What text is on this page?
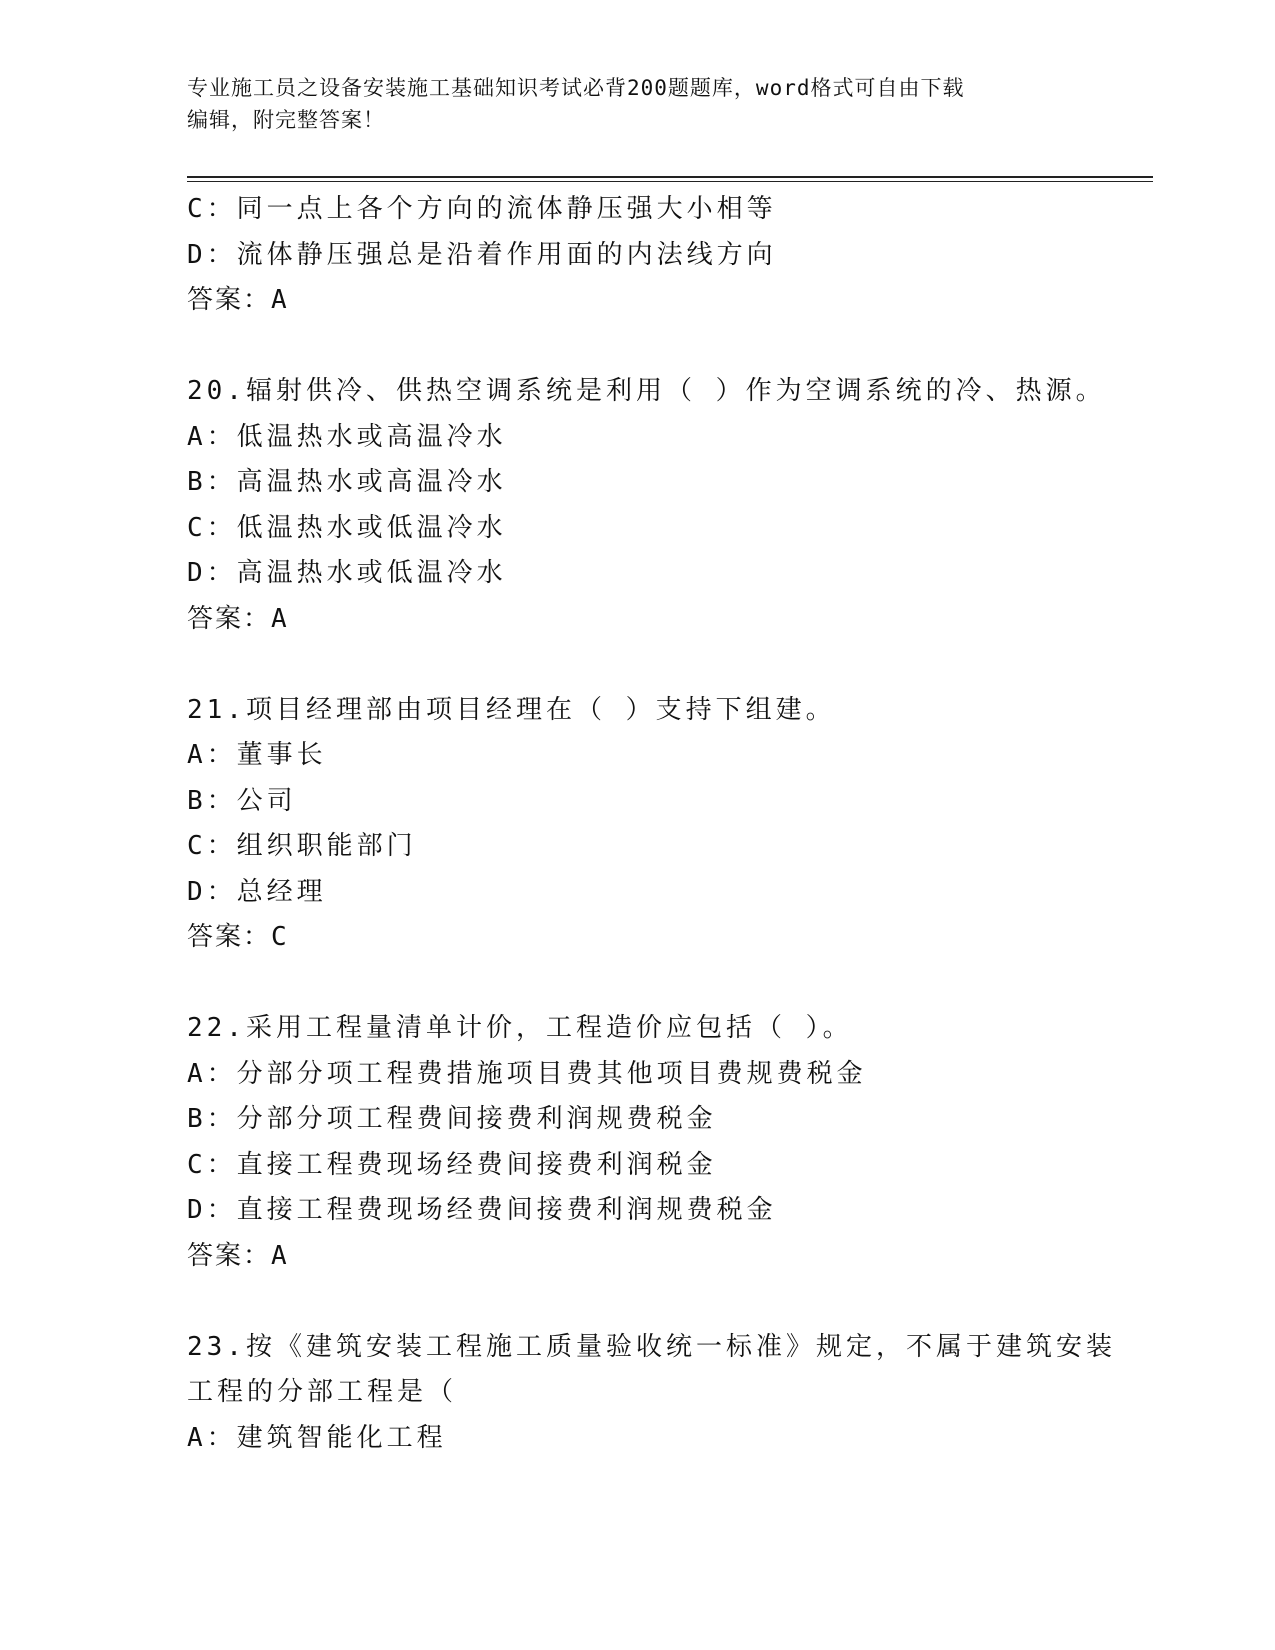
专业施工员之设备安装施工基础知识考试必背200题题库，word格式可自由下载
编辑，附完整答案！
C：同一点上各个方向的流体静压强大小相等
D：流体静压强总是沿着作用面的内法线方向
答案：A
20.辐射供冷、供热空调系统是利用（ ）作为空调系统的冷、热源。
A：低温热水或高温冷水
B：高温热水或高温冷水
C：低温热水或低温冷水
D：高温热水或低温冷水
答案：A
21.项目经理部由项目经理在（ ）支持下组建。
A：董事长
B：公司
C：组织职能部门
D：总经理
答案：C
22.采用工程量清单计价，工程造价应包括（ ）。
A：分部分项工程费措施项目费其他项目费规费税金
B：分部分项工程费间接费利润规费税金
C：直接工程费现场经费间接费利润税金
D：直接工程费现场经费间接费利润规费税金
答案：A
23.按《建筑安装工程施工质量验收统一标准》规定，不属于建筑安装
工程的分部工程是（
A：建筑智能化工程
